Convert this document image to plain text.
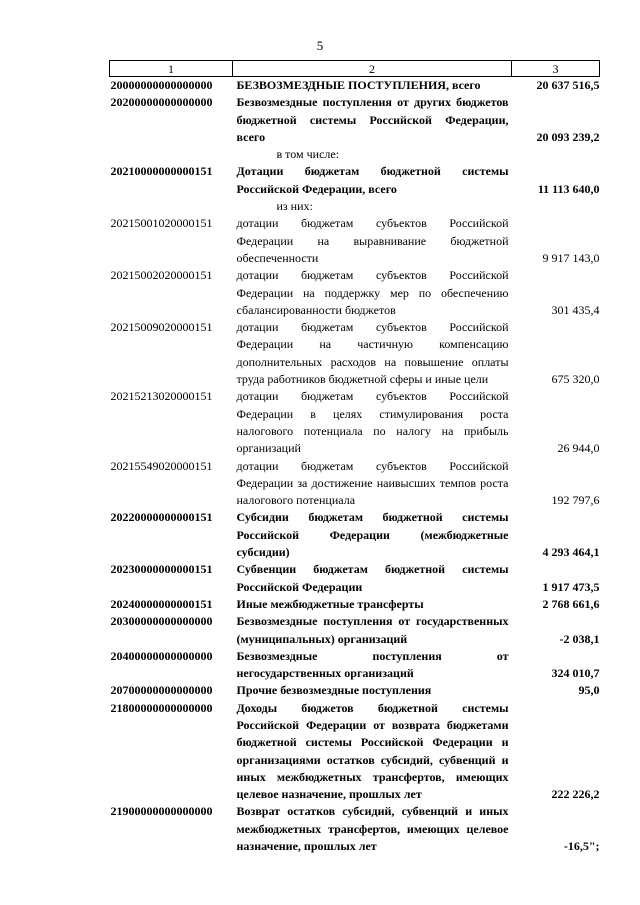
5
1	2	3
20000000000000000	БЕЗВОЗМЕЗДНЫЕ ПОСТУПЛЕНИЯ, всего	20 637 516,5
20200000000000000	Безвозмездные поступления от других бюджетов бюджетной системы Российской Федерации, всего	20 093 239,2
	в том числе:	
20210000000000151	Дотации бюджетам бюджетной системы Российской Федерации, всего	11 113 640,0
	из них:	
20215001020000151	дотации бюджетам субъектов Российской Федерации на выравнивание бюджетной обеспеченности	9 917 143,0
20215002020000151	дотации бюджетам субъектов Российской Федерации на поддержку мер по обеспечению сбалансированности бюджетов	301 435,4
20215009020000151	дотации бюджетам субъектов Российской Федерации на частичную компенсацию дополнительных расходов на повышение оплаты труда работников бюджетной сферы и иные цели	675 320,0
20215213020000151	дотации бюджетам субъектов Российской Федерации в целях стимулирования роста налогового потенциала по налогу на прибыль организаций	26 944,0
20215549020000151	дотации бюджетам субъектов Российской Федерации за достижение наивысших темпов роста налогового потенциала	192 797,6
20220000000000151	Субсидии бюджетам бюджетной системы Российской Федерации (межбюджетные субсидии)	4 293 464,1
20230000000000151	Субвенции бюджетам бюджетной системы Российской Федерации	1 917 473,5
20240000000000151	Иные межбюджетные трансферты	2 768 661,6
20300000000000000	Безвозмездные поступления от государственных (муниципальных) организаций	-2 038,1
20400000000000000	Безвозмездные поступления от негосударственных организаций	324 010,7
20700000000000000	Прочие безвозмездные поступления	95,0
21800000000000000	Доходы бюджетов бюджетной системы Российской Федерации от возврата бюджетами бюджетной системы Российской Федерации и организациями остатков субсидий, субвенций и иных межбюджетных трансфертов, имеющих целевое назначение, прошлых лет	222 226,2
21900000000000000	Возврат остатков субсидий, субвенций и иных межбюджетных трансфертов, имеющих целевое назначение, прошлых лет	-16,5";
